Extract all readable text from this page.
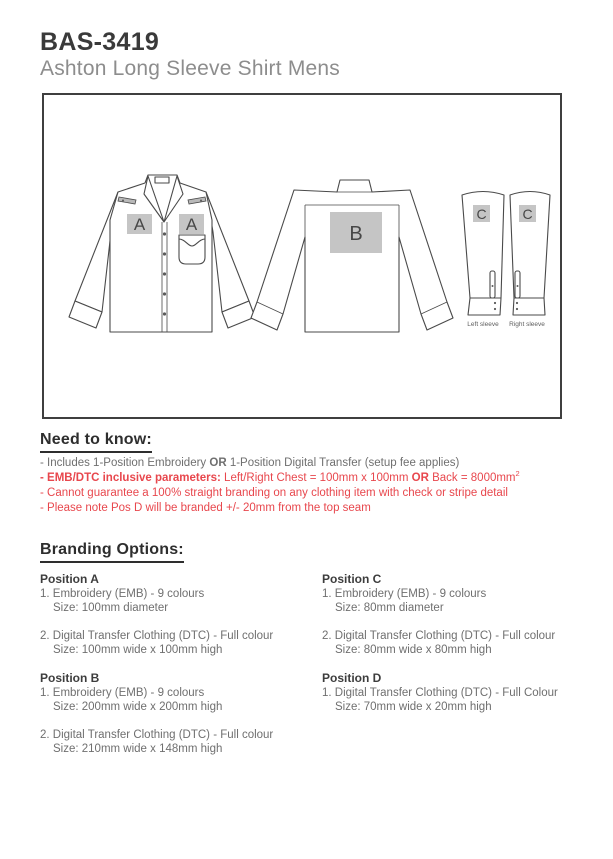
BAS-3419
Ashton Long Sleeve Shirt Mens
A A	B
C
Left sleeve
C
Right sleeve
Need to know:
- Includes 1-Position Embroidery OR 1-Position Digital Transfer (setup fee applies)
- EMB/DTC inclusive parameters: Left/Right Chest = 100mm x 100mm OR Back = $8000mm^2$
- Cannot guarantee a 100% straight branding on any clothing item with check or stripe detail
- Please note Pos D will be branded +/- 20mm from the top seam
Branding Options:
Position A
1. Embroidery (EMB) - 9 colours
Size: 100mm diameter
2. Digital Transfer Clothing (DTC) - Full colour
Size: 100mm wide x 100mm high
Position B
1. Embroidery (EMB) - 9 colours
Size: 200mm wide x 200mm high
2. Digital Transfer Clothing (DTC) - Full colour
Size: 210mm wide x 148mm high
Position C
1. Embroidery (EMB) - 9 colours
Size: 80mm diameter
2. Digital Transfer Clothing (DTC) - Full colour
Size: 80mm wide x 80mm high
Position D
1. Digital Transfer Clothing (DTC) - Full Colour
Size: 70mm wide x 20mm high
